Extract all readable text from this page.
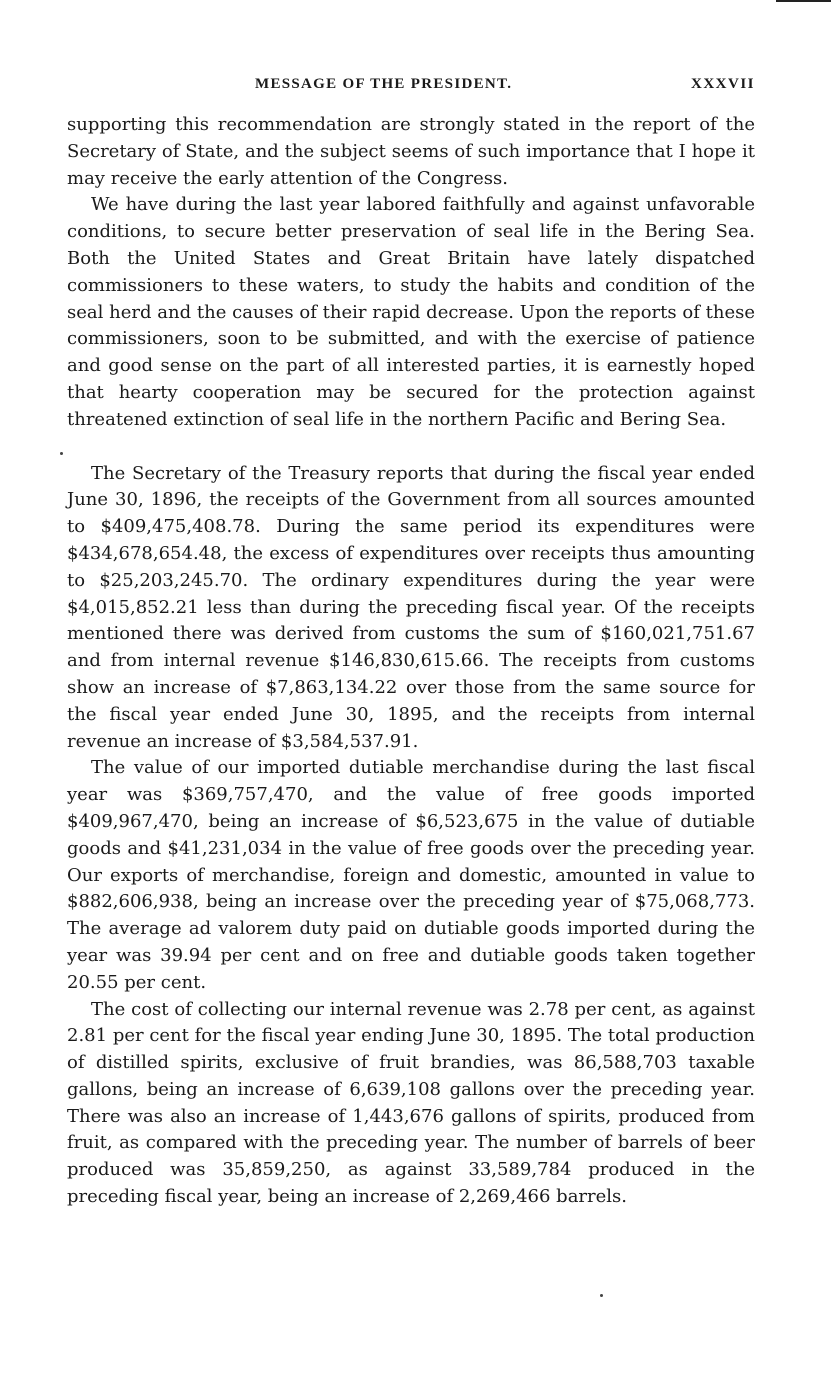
MESSAGE OF THE PRESIDENT.	XXXVII

supporting this recommendation are strongly stated in the report of the Secretary of State, and the subject seems of such importance that I hope it may receive the early attention of the Congress.

We have during the last year labored faithfully and against unfavorable conditions, to secure better preservation of seal life in the Bering Sea. Both the United States and Great Britain have lately dispatched commissioners to these waters, to study the habits and condition of the seal herd and the causes of their rapid decrease. Upon the reports of these commissioners, soon to be submitted, and with the exercise of patience and good sense on the part of all interested parties, it is earnestly hoped that hearty cooperation may be secured for the protection against threatened extinction of seal life in the northern Pacific and Bering Sea.

The Secretary of the Treasury reports that during the fiscal year ended June 30, 1896, the receipts of the Government from all sources amounted to $409,475,408.78. During the same period its expenditures were $434,678,654.48, the excess of expenditures over receipts thus amounting to $25,203,245.70. The ordinary expenditures during the year were $4,015,852.21 less than during the preceding fiscal year. Of the receipts mentioned there was derived from customs the sum of $160,021,751.67 and from internal revenue $146,830,615.66. The receipts from customs show an increase of $7,863,134.22 over those from the same source for the fiscal year ended June 30, 1895, and the receipts from internal revenue an increase of $3,584,537.91.

The value of our imported dutiable merchandise during the last fiscal year was $369,757,470, and the value of free goods imported $409,967,470, being an increase of $6,523,675 in the value of dutiable goods and $41,231,034 in the value of free goods over the preceding year. Our exports of merchandise, foreign and domestic, amounted in value to $882,606,938, being an increase over the preceding year of $75,068,773. The average ad valorem duty paid on dutiable goods imported during the year was 39.94 per cent and on free and dutiable goods taken together 20.55 per cent.

The cost of collecting our internal revenue was 2.78 per cent, as against 2.81 per cent for the fiscal year ending June 30, 1895. The total production of distilled spirits, exclusive of fruit brandies, was 86,588,703 taxable gallons, being an increase of 6,639,108 gallons over the preceding year. There was also an increase of 1,443,676 gallons of spirits, produced from fruit, as compared with the preceding year. The number of barrels of beer produced was 35,859,250, as against 33,589,784 produced in the preceding fiscal year, being an increase of 2,269,466 barrels.
